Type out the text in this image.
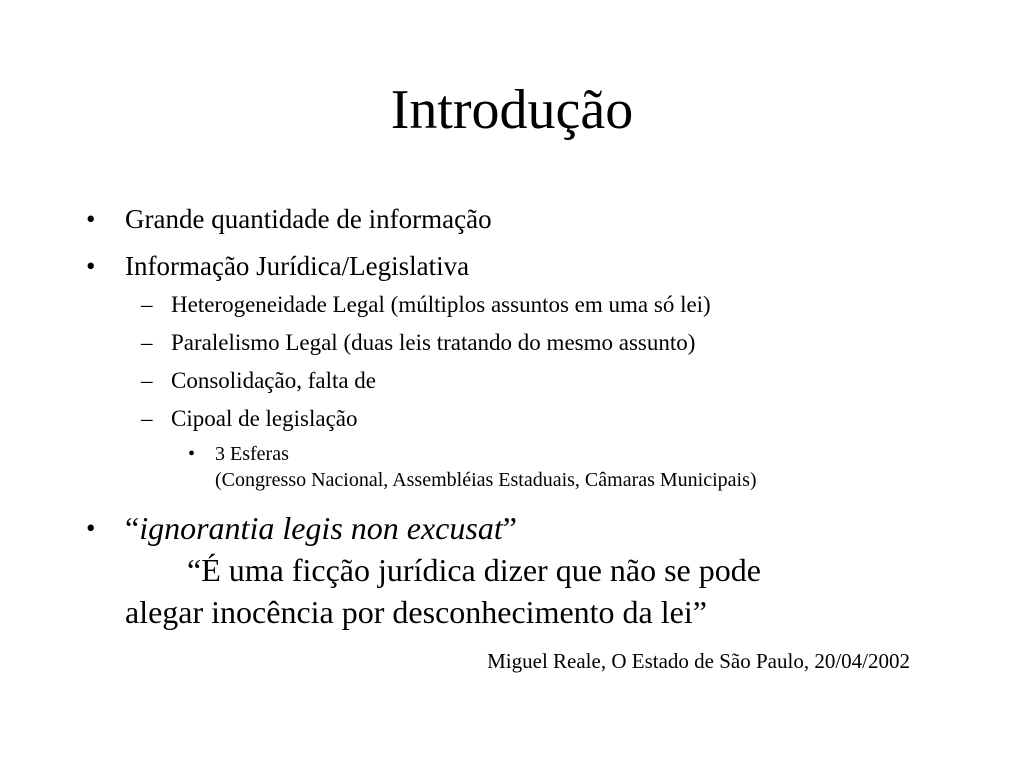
Introdução
• Grande quantidade de informação
• Informação Jurídica/Legislativa
– Heterogeneidade Legal (múltiplos assuntos em uma só lei)
– Paralelismo Legal (duas leis tratando do mesmo assunto)
– Consolidação, falta de
– Cipoal de legislação
• 3 Esferas
(Congresso Nacional, Assembléias Estaduais, Câmaras Municipais)
• “ignorantia legis non excusat”
“É uma ficção jurídica dizer que não se pode
alegar inocência por desconhecimento da lei”
Miguel Reale, O Estado de São Paulo, 20/04/2002
